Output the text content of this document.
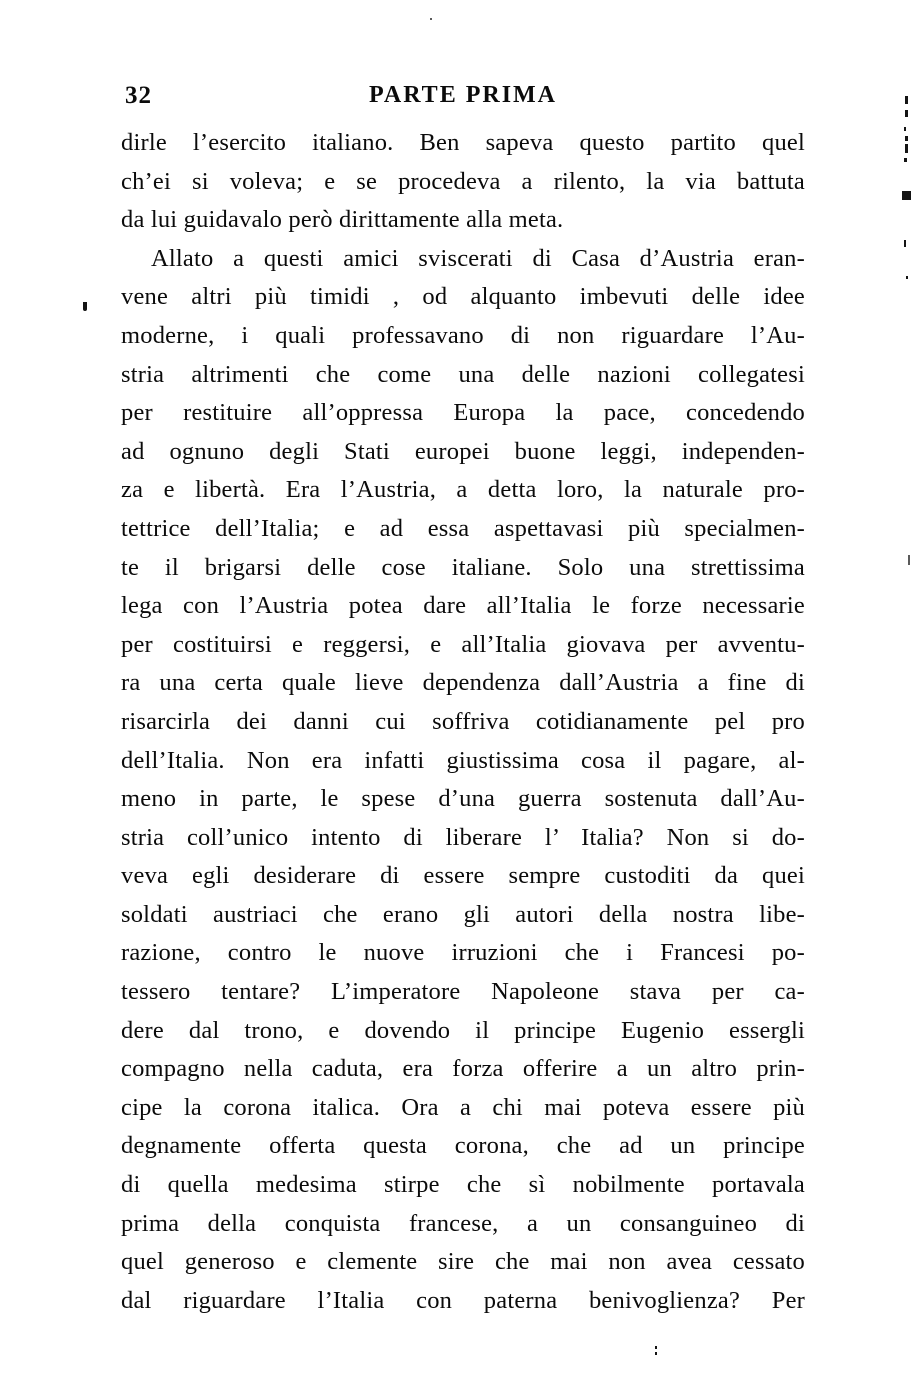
32	PARTE PRIMA
dirle l’esercito italiano. Ben sapeva questo partito quel
ch’ei si voleva; e se procedeva a rilento, la via battuta
da lui guidavalo però dirittamente alla meta.
Allato a questi amici sviscerati di Casa d’Austria eran-
vene altri più timidi , od alquanto imbevuti delle idee
moderne, i quali professavano di non riguardare l’Au-
stria altrimenti che come una delle nazioni collegatesi
per restituire all’oppressa Europa la pace, concedendo
ad ognuno degli Stati europei buone leggi, independen-
za e libertà. Era l’Austria, a detta loro, la naturale pro-
tettrice dell’Italia; e ad essa aspettavasi più specialmen-
te il brigarsi delle cose italiane. Solo una strettissima
lega con l’Austria potea dare all’Italia le forze necessarie
per costituirsi e reggersi, e all’Italia giovava per avventu-
ra una certa quale lieve dependenza dall’Austria a fine di
risarcirla dei danni cui soffriva cotidianamente pel pro
dell’Italia. Non era infatti giustissima cosa il pagare, al-
meno in parte, le spese d’una guerra sostenuta dall’Au-
stria coll’unico intento di liberare l’ Italia? Non si do-
veva egli desiderare di essere sempre custoditi da quei
soldati austriaci che erano gli autori della nostra libe-
razione, contro le nuove irruzioni che i Francesi po-
tessero tentare? L’imperatore Napoleone stava per ca-
dere dal trono, e dovendo il principe Eugenio essergli
compagno nella caduta, era forza offerire a un altro prin-
cipe la corona italica. Ora a chi mai poteva essere più
degnamente offerta questa corona, che ad un principe
di quella medesima stirpe che sì nobilmente portavala
prima della conquista francese, a un consanguineo di
quel generoso e clemente sire che mai non avea cessato
dal riguardare l’Italia con paterna benivoglienza? Per
